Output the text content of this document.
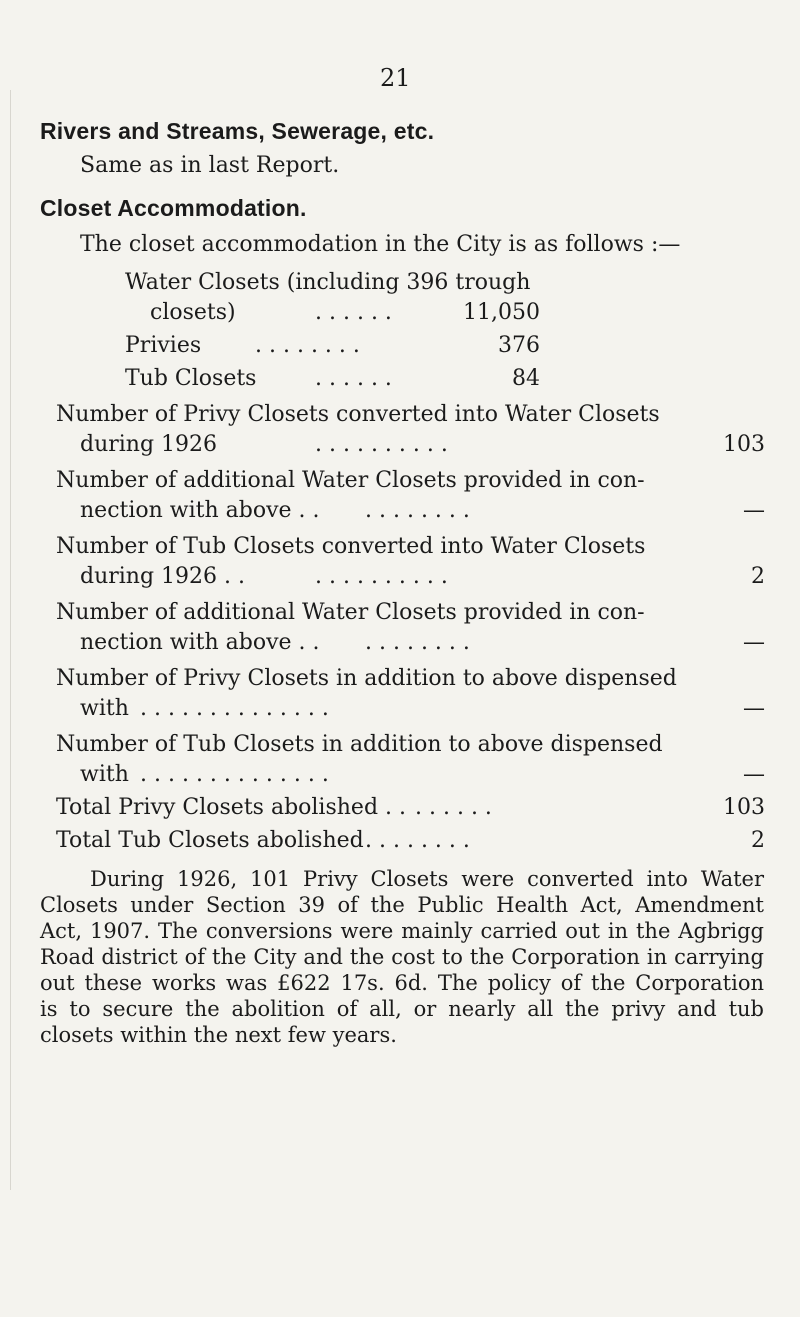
21
Rivers and Streams, Sewerage, etc.
Same as in last Report.
Closet Accommodation.
The closet accommodation in the City is as follows :—
Water Closets (including 396 trough
closets)	. . . . . .	11,050
Privies . . . . . . . .	376
Tub Closets	. . . . . .	84
Number of Privy Closets converted into Water Closets
during 1926	. . . . . . . . . .	103
Number of additional Water Closets provided in con-
nection with above . . . . . . . . . .	—
Number of Tub Closets converted into Water Closets
during 1926 . .	. . . . . . . . . .	2
Number of additional Water Closets provided in con-
nection with above . . . . . . . . . .	—
Number of Privy Closets in addition to above dispensed
with . . . . . . . . . . . . . .	—
Number of Tub Closets in addition to above dispensed
with . . . . . . . . . . . . . .	—
Total Privy Closets abolished . . . . . . . .	103
Total Tub Closets abolished . . . . . . . .	2
During 1926, 101 Privy Closets were converted into Water
Closets under Section 39 of the Public Health Act, Amendment
Act, 1907. The conversions were mainly carried out in the Agbrigg
Road district of the City and the cost to the Corporation in carrying
out these works was £622 17s. 6d. The policy of the Corporation
is to secure the abolition of all, or nearly all the privy and tub
closets within the next few years.
